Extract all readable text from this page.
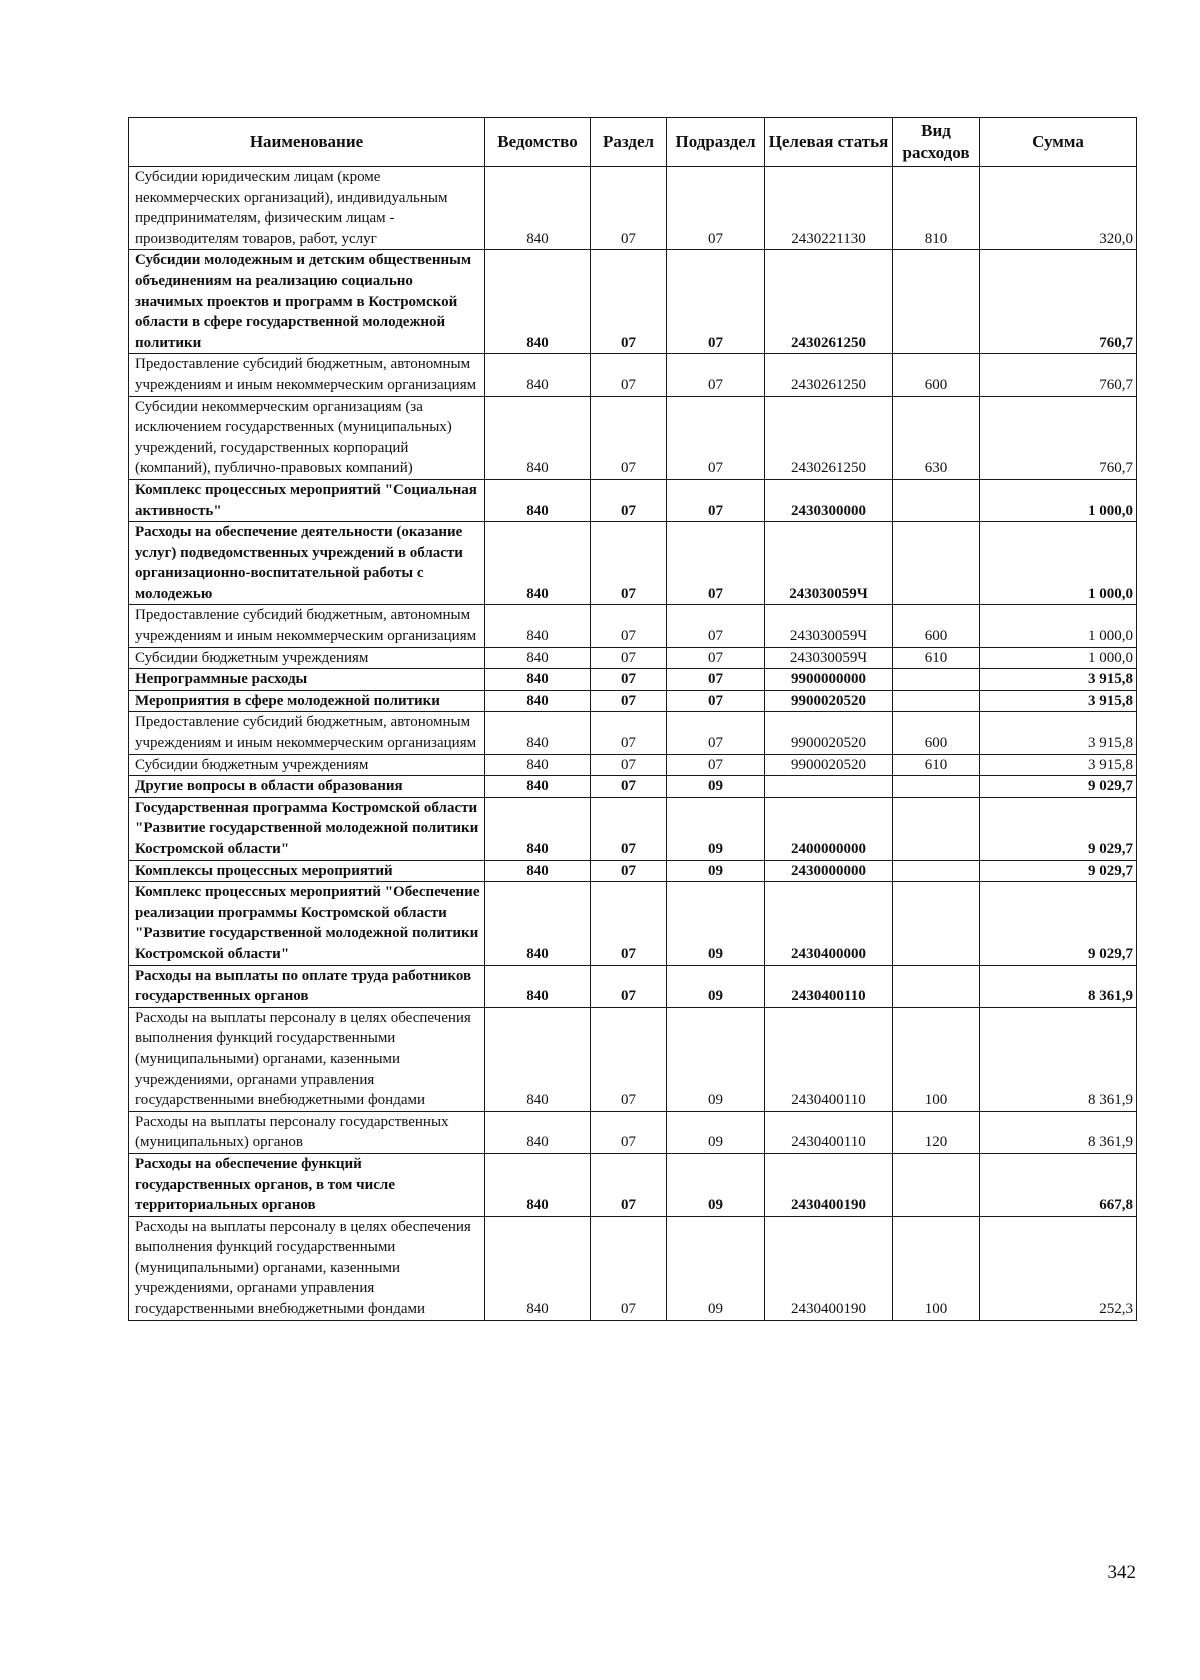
Наименование	Ведомство	Раздел	Подраздел	Целевая статья	Вид расходов	Сумма
Субсидии юридическим лицам (кроме некоммерческих организаций), индивидуальным предпринимателям, физическим лицам - производителям товаров, работ, услуг	840	07	07	2430221130	810	320,0
Субсидии молодежным и детским общественным объединениям на реализацию социально значимых проектов и программ в Костромской области в сфере государственной молодежной политики	840	07	07	2430261250		760,7
Предоставление субсидий бюджетным, автономным учреждениям и иным некоммерческим организациям	840	07	07	2430261250	600	760,7
Субсидии некоммерческим организациям (за исключением государственных (муниципальных) учреждений, государственных корпораций (компаний), публично-правовых компаний)	840	07	07	2430261250	630	760,7
Комплекс процессных мероприятий "Социальная активность"	840	07	07	2430300000		1 000,0
Расходы на обеспечение деятельности (оказание услуг) подведомственных учреждений в области организационно-воспитательной работы с молодежью	840	07	07	243030059Ч		1 000,0
Предоставление субсидий бюджетным, автономным учреждениям и иным некоммерческим организациям	840	07	07	243030059Ч	600	1 000,0
Субсидии бюджетным учреждениям	840	07	07	243030059Ч	610	1 000,0
Непрограммные расходы	840	07	07	9900000000		3 915,8
Мероприятия в сфере молодежной политики	840	07	07	9900020520		3 915,8
Предоставление субсидий бюджетным, автономным учреждениям и иным некоммерческим организациям	840	07	07	9900020520	600	3 915,8
Субсидии бюджетным учреждениям	840	07	07	9900020520	610	3 915,8
Другие вопросы в области образования	840	07	09			9 029,7
Государственная программа Костромской области "Развитие государственной молодежной политики Костромской области"	840	07	09	2400000000		9 029,7
Комплексы процессных мероприятий	840	07	09	2430000000		9 029,7
Комплекс процессных мероприятий "Обеспечение реализации программы Костромской области "Развитие государственной молодежной политики Костромской области"	840	07	09	2430400000		9 029,7
Расходы на выплаты по оплате труда работников государственных органов	840	07	09	2430400110		8 361,9
Расходы на выплаты персоналу в целях обеспечения выполнения функций государственными (муниципальными) органами, казенными учреждениями, органами управления государственными внебюджетными фондами	840	07	09	2430400110	100	8 361,9
Расходы на выплаты персоналу государственных (муниципальных) органов	840	07	09	2430400110	120	8 361,9
Расходы на обеспечение функций государственных органов, в том числе территориальных органов	840	07	09	2430400190		667,8
Расходы на выплаты персоналу в целях обеспечения выполнения функций государственными (муниципальными) органами, казенными учреждениями, органами управления государственными внебюджетными фондами	840	07	09	2430400190	100	252,3
342
